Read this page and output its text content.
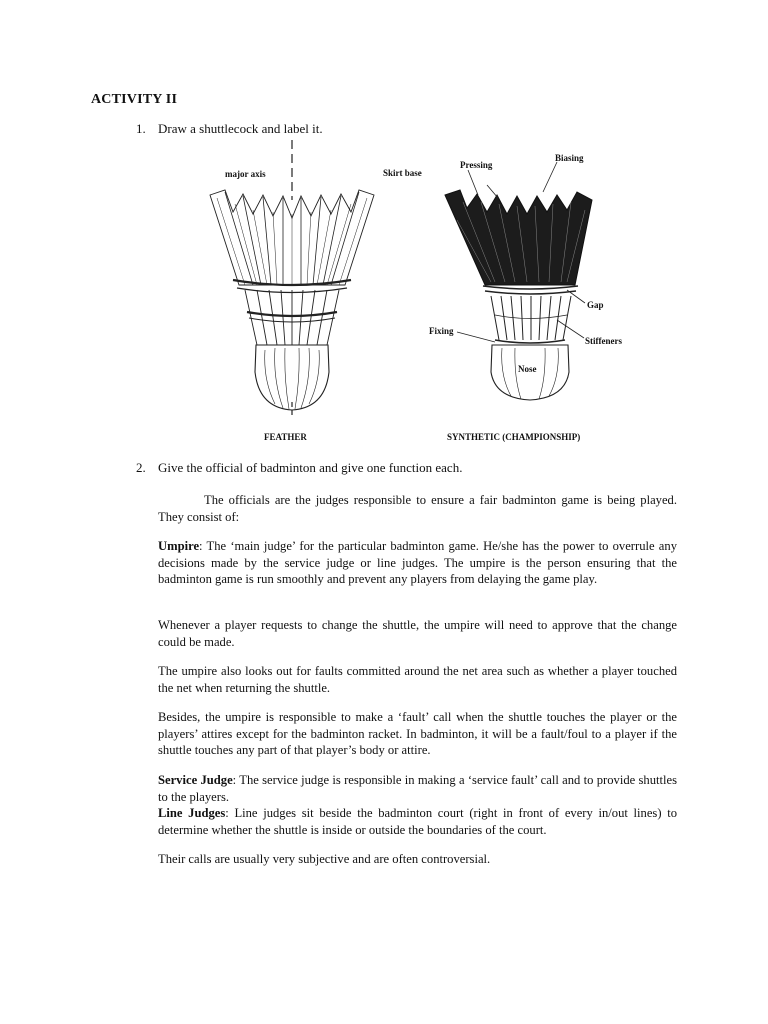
ACTIVITY II
1. Draw a shuttlecock and label it.
major axis	Skirt base
Pressing
Biasing
Gap
Fixing
Stiffeners
Nose
FEATHER	SYNTHETIC (CHAMPIONSHIP)
2. Give the official of badminton and give one function each.

The officials are the judges responsible to ensure a fair badminton game is being played. They consist of:

Umpire: The ‘main judge’ for the particular badminton game. He/she has the power to overrule any decisions made by the service judge or line judges. The umpire is the person ensuring that the badminton game is run smoothly and prevent any players from delaying the game play.

Whenever a player requests to change the shuttle, the umpire will need to approve that the change could be made.

The umpire also looks out for faults committed around the net area such as whether a player touched the net when returning the shuttle.

Besides, the umpire is responsible to make a ‘fault’ call when the shuttle touches the player or the players’ attires except for the badminton racket. In badminton, it will be a fault/foul to a player if the shuttle touches any part of that player’s body or attire.

Service Judge: The service judge is responsible in making a ‘service fault’ call and to provide shuttles to the players.

Line Judges: Line judges sit beside the badminton court (right in front of every in/out lines) to determine whether the shuttle is inside or outside the boundaries of the court.

Their calls are usually very subjective and are often controversial.
